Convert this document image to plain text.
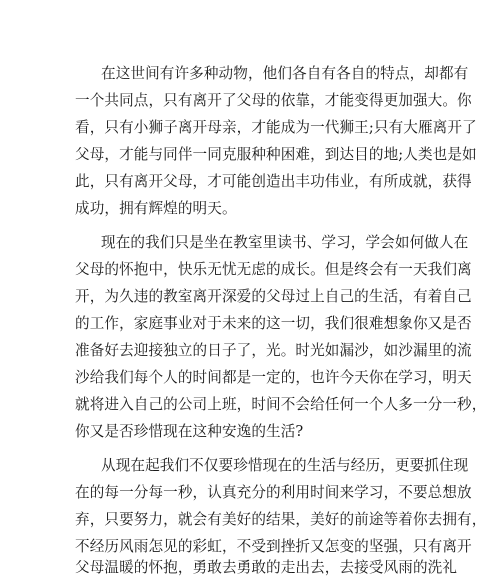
在这世间有许多种动物，他们各自有各自的特点，却都有

一个共同点，只有离开了父母的依靠，才能变得更加强大。你

看，只有小狮子离开母亲，才能成为一代狮王;只有大雁离开了

父母，才能与同伴一同克服种种困难，到达目的地;人类也是如

此，只有离开父母，才可能创造出丰功伟业，有所成就，获得

成功，拥有辉煌的明天。

现在的我们只是坐在教室里读书、学习，学会如何做人在

父母的怀抱中，快乐无忧无虑的成长。但是终会有一天我们离

开，为久违的教室离开深爱的父母过上自己的生活，有着自己

的工作，家庭事业对于未来的这一切，我们很难想象你又是否

准备好去迎接独立的日子了，光。时光如漏沙，如沙漏里的流

沙给我们每个人的时间都是一定的，也许今天你在学习，明天

就将进入自己的公司上班，时间不会给任何一个人多一分一秒，

你又是否珍惜现在这种安逸的生活?

从现在起我们不仅要珍惜现在的生活与经历，更要抓住现

在的每一分每一秒，认真充分的利用时间来学习，不要总想放

弃，只要努力，就会有美好的结果，美好的前途等着你去拥有，

不经历风雨怎见的彩虹，不受到挫折又怎变的坚强，只有离开

父母温暖的怀抱，勇敢去勇敢的走出去，去接受风雨的洗礼
